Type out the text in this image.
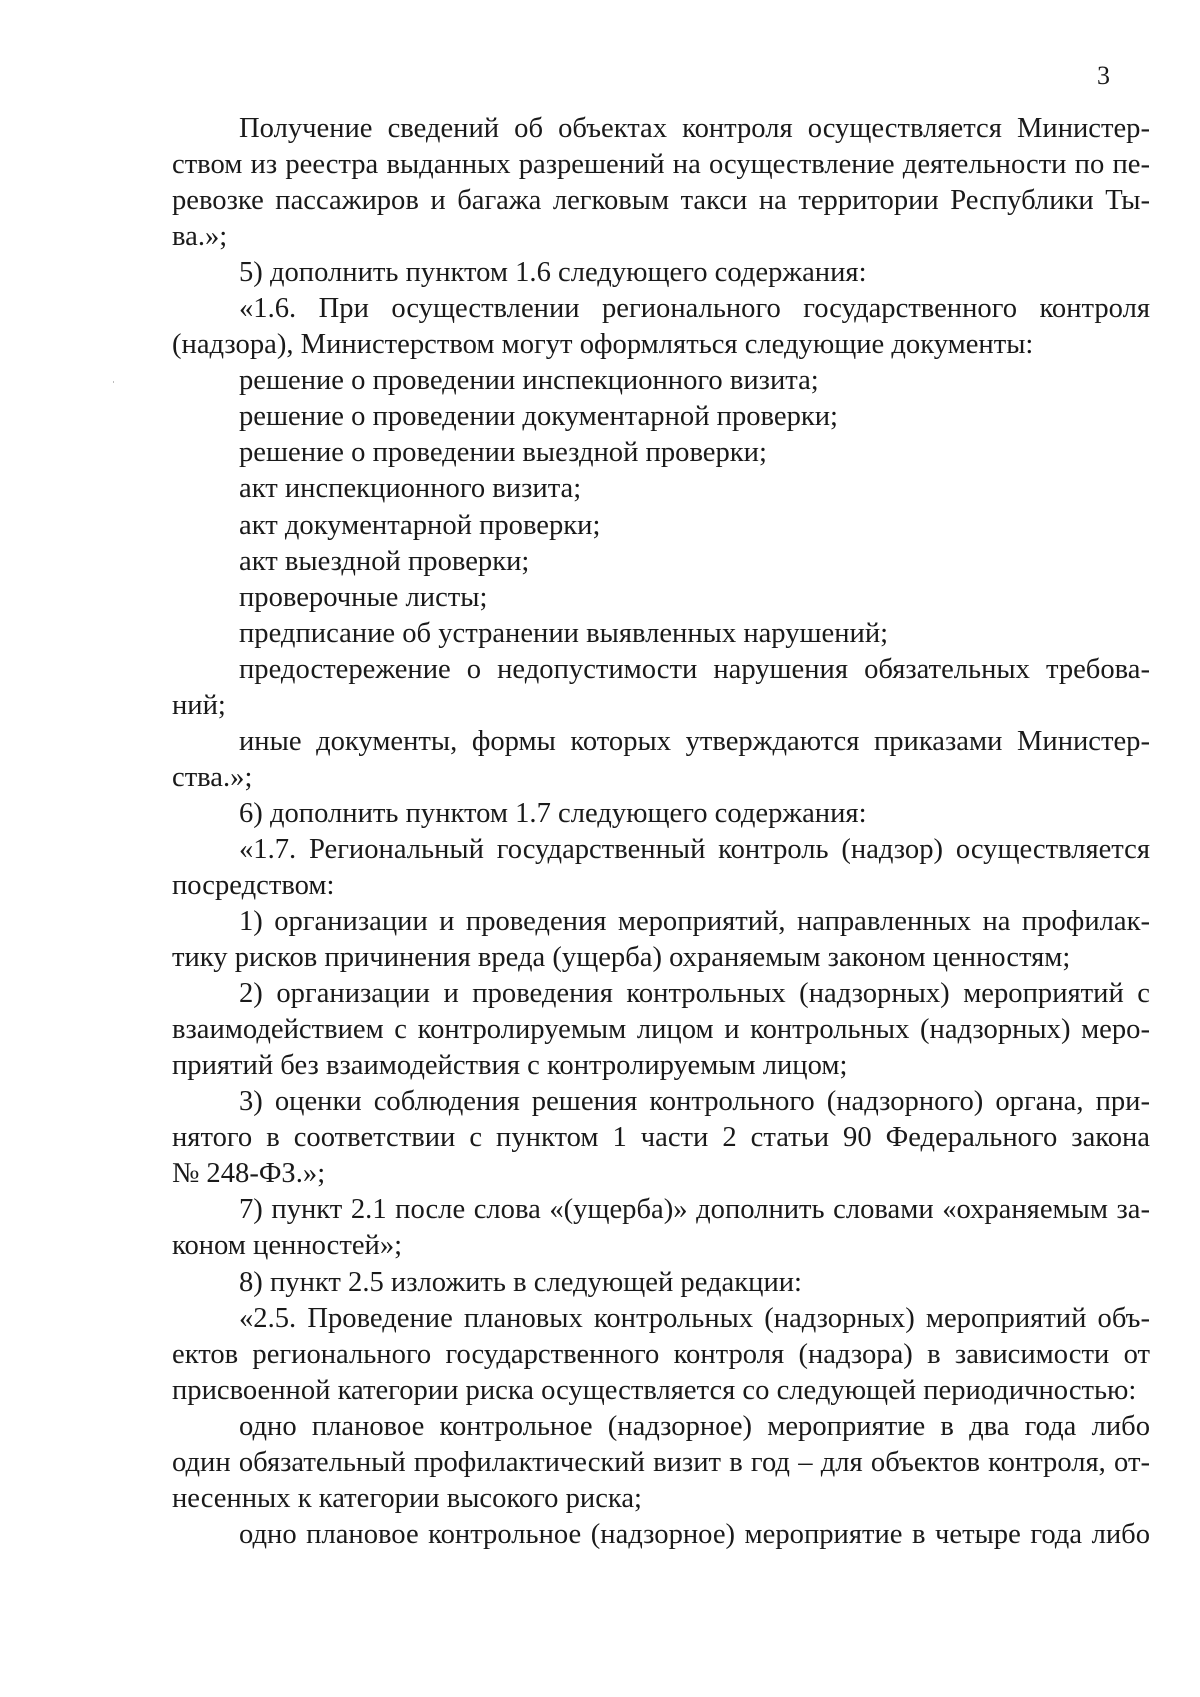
3

Получение сведений об объектах контроля осуществляется Министер-

ством из реестра выданных разрешений на осуществление деятельности по пе-

ревозке пассажиров и багажа легковым такси на территории Республики Ты-

ва.»;

5) дополнить пунктом 1.6 следующего содержания:

«1.6. При осуществлении регионального государственного контроля

(надзора), Министерством могут оформляться следующие документы:

решение о проведении инспекционного визита;

решение о проведении документарной проверки;

решение о проведении выездной проверки;

акт инспекционного визита;

акт документарной проверки;

акт выездной проверки;

проверочные листы;

предписание об устранении выявленных нарушений;

предостережение о недопустимости нарушения обязательных требова-

ний;

иные документы, формы которых утверждаются приказами Министер-

ства.»;

6) дополнить пунктом 1.7 следующего содержания:

«1.7. Региональный государственный контроль (надзор) осуществляется

посредством:

1) организации и проведения мероприятий, направленных на профилак-

тику рисков причинения вреда (ущерба) охраняемым законом ценностям;

2) организации и проведения контрольных (надзорных) мероприятий с

взаимодействием с контролируемым лицом и контрольных (надзорных) меро-

приятий без взаимодействия с контролируемым лицом;

3) оценки соблюдения решения контрольного (надзорного) органа, при-

нятого в соответствии с пунктом 1 части 2 статьи 90 Федерального закона

№ 248-ФЗ.»;

7) пункт 2.1 после слова «(ущерба)» дополнить словами «охраняемым за-

коном ценностей»;

8) пункт 2.5 изложить в следующей редакции:

«2.5. Проведение плановых контрольных (надзорных) мероприятий объ-

ектов регионального государственного контроля (надзора) в зависимости от

присвоенной категории риска осуществляется со следующей периодичностью:

одно плановое контрольное (надзорное) мероприятие в два года либо

один обязательный профилактический визит в год – для объектов контроля, от-

несенных к категории высокого риска;

одно плановое контрольное (надзорное) мероприятие в четыре года либо
